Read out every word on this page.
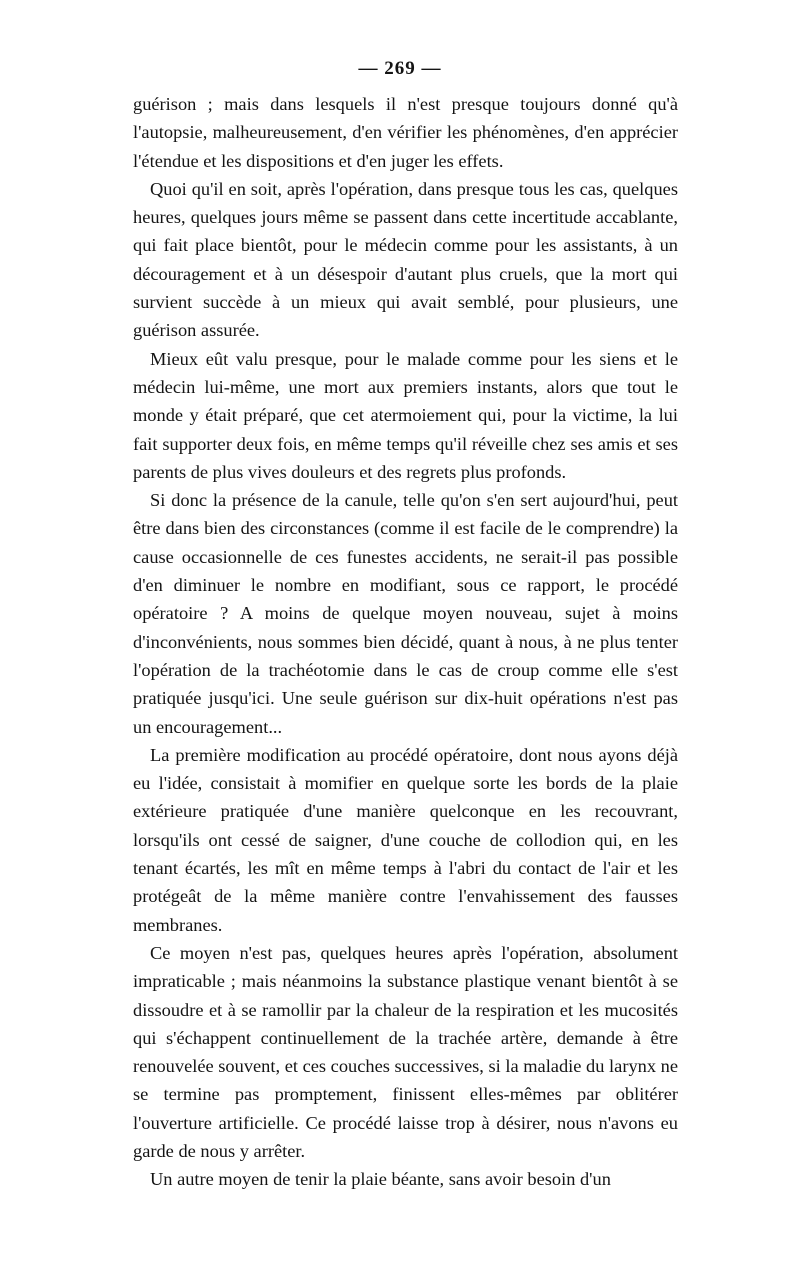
— 269 —

guérison ; mais dans lesquels il n'est presque toujours donné qu'à l'autopsie, malheureusement, d'en vérifier les phénomènes, d'en apprécier l'étendue et les dispositions et d'en juger les effets.

Quoi qu'il en soit, après l'opération, dans presque tous les cas, quelques heures, quelques jours même se passent dans cette incertitude accablante, qui fait place bientôt, pour le médecin comme pour les assistants, à un découragement et à un désespoir d'autant plus cruels, que la mort qui survient succède à un mieux qui avait semblé, pour plusieurs, une guérison assurée.

Mieux eût valu presque, pour le malade comme pour les siens et le médecin lui-même, une mort aux premiers instants, alors que tout le monde y était préparé, que cet atermoiement qui, pour la victime, la lui fait supporter deux fois, en même temps qu'il réveille chez ses amis et ses parents de plus vives douleurs et des regrets plus profonds.

Si donc la présence de la canule, telle qu'on s'en sert aujourd'hui, peut être dans bien des circonstances (comme il est facile de le comprendre) la cause occasionnelle de ces funestes accidents, ne serait-il pas possible d'en diminuer le nombre en modifiant, sous ce rapport, le procédé opératoire ? A moins de quelque moyen nouveau, sujet à moins d'inconvénients, nous sommes bien décidé, quant à nous, à ne plus tenter l'opération de la trachéotomie dans le cas de croup comme elle s'est pratiquée jusqu'ici. Une seule guérison sur dix-huit opérations n'est pas un encouragement...

La première modification au procédé opératoire, dont nous ayons déjà eu l'idée, consistait à momifier en quelque sorte les bords de la plaie extérieure pratiquée d'une manière quelconque en les recouvrant, lorsqu'ils ont cessé de saigner, d'une couche de collodion qui, en les tenant écartés, les mît en même temps à l'abri du contact de l'air et les protégeât de la même manière contre l'envahissement des fausses membranes.

Ce moyen n'est pas, quelques heures après l'opération, absolument impraticable ; mais néanmoins la substance plastique venant bientôt à se dissoudre et à se ramollir par la chaleur de la respiration et les mucosités qui s'échappent continuellement de la trachée artère, demande à être renouvelée souvent, et ces couches successives, si la maladie du larynx ne se termine pas promptement, finissent elles-mêmes par oblitérer l'ouverture artificielle. Ce procédé laisse trop à désirer, nous n'avons eu garde de nous y arrêter.

Un autre moyen de tenir la plaie béante, sans avoir besoin d'un
